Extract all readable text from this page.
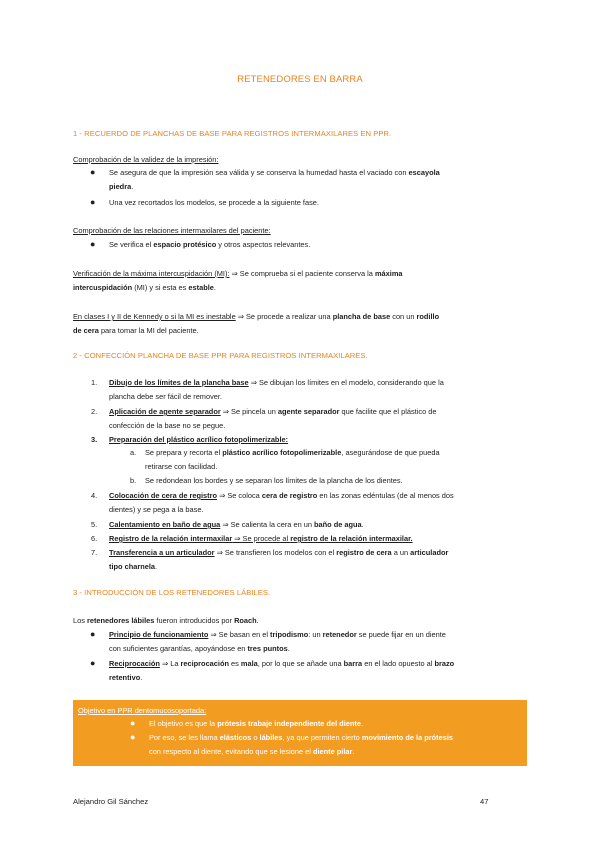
RETENEDORES EN BARRA
1 - RECUERDO DE PLANCHAS DE BASE PARA REGISTROS INTERMAXILARES EN PPR.
Comprobación de la validez de la impresión:
● Se asegura de que la impresión sea válida y se conserva la humedad hasta el vaciado con escayola
piedra.
● Una vez recortados los modelos, se procede a la siguiente fase.
Comprobación de las relaciones intermaxilares del paciente:
● Se verifica el espacio protésico y otros aspectos relevantes.
Verificación de la máxima intercuspidación (MI): ⇒ Se comprueba si el paciente conserva la máxima
intercuspidación (MI) y si esta es estable.
En clases I y II de Kennedy o si la MI es inestable ⇒ Se procede a realizar una plancha de base con un rodillo
de cera para tomar la MI del paciente.
2 - CONFECCIÓN PLANCHA DE BASE PPR PARA REGISTROS INTERMAXILARES.
1. Dibujo de los límites de la plancha base ⇒ Se dibujan los límites en el modelo, considerando que la
plancha debe ser fácil de remover.
2. Aplicación de agente separador ⇒ Se pincela un agente separador que facilite que el plástico de
confección de la base no se pegue.
3. Preparación del plástico acrílico fotopolimerizable:
a. Se prepara y recorta el plástico acrílico fotopolimerizable, asegurándose de que pueda
retirarse con facilidad.
b. Se redondean los bordes y se separan los límites de la plancha de los dientes.
4. Colocación de cera de registro ⇒ Se coloca cera de registro en las zonas edéntulas (de al menos dos
dientes) y se pega a la base.
5. Calentamiento en baño de agua ⇒ Se calienta la cera en un baño de agua.
6. Registro de la relación intermaxilar ⇒ Se procede al registro de la relación intermaxilar.
7. Transferencia a un articulador ⇒ Se transfieren los modelos con el registro de cera a un articulador
tipo charnela.
3 - INTRODUCCIÓN DE LOS RETENEDORES LÁBILES.
Los retenedores lábiles fueron introducidos por Roach.
● Principio de funcionamiento ⇒ Se basan en el tripodismo: un retenedor se puede fijar en un diente
con suficientes garantías, apoyándose en tres puntos.
● Reciprocación ⇒ La reciprocación es mala, por lo que se añade una barra en el lado opuesto al brazo
retentivo.
Objetivo en PPR dentomucosoportada:
● El objetivo es que la prótesis trabaje independiente del diente.
● Por eso, se les llama elásticos o lábiles, ya que permiten cierto movimiento de la prótesis
con respecto al diente, evitando que se lesione el diente pilar.
Alejandro Gil Sánchez	47
